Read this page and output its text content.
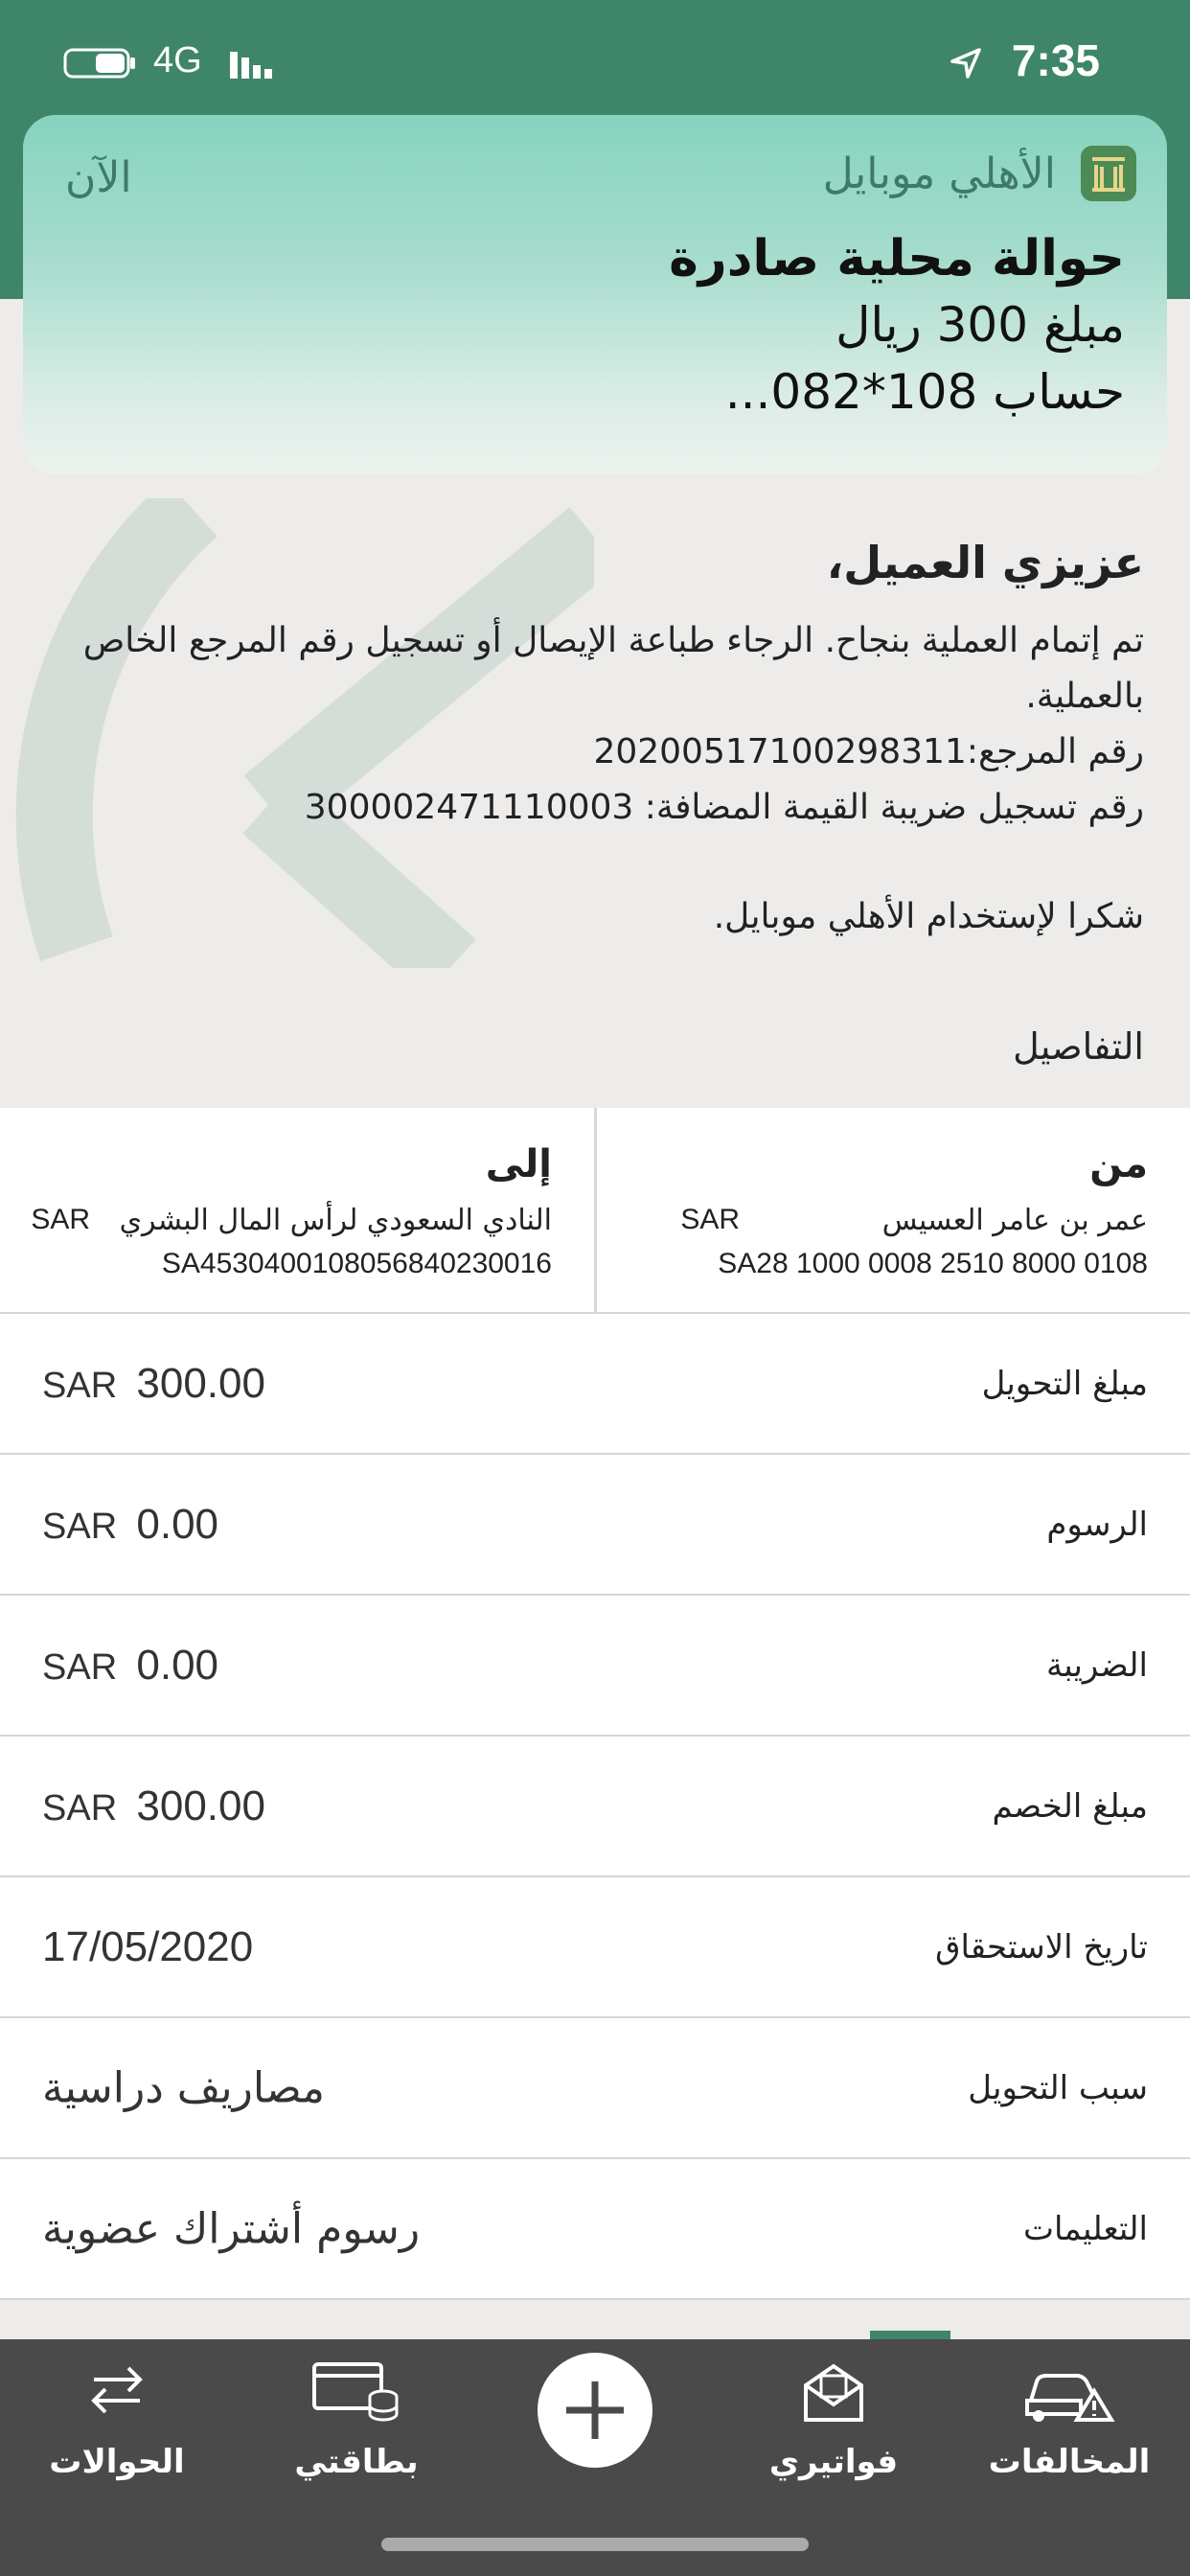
4G	7:35
الأهلي موبايل
الآن
حوالة محلية صادرة
مبلغ 300 ريال
حساب 108*082...
عزيزي العميل،
تم إتمام العملية بنجاح. الرجاء طباعة الإيصال أو تسجيل رقم المرجع الخاص
بالعملية.
رقم المرجع:20200517100298311
رقم تسجيل ضريبة القيمة المضافة: 300002471110003
شكرا لإستخدام الأهلي موبايل.
التفاصيل
من
عمر بن عامر العسيس
SAR
SA28 1000 0008 2510 8000 0108
إلى
النادي السعودي لرأس المال البشري
SAR
SA4530400108056840230016
مبلغ التحويل
SAR 300.00
الرسوم
SAR 0.00
الضريبة
SAR 0.00
مبلغ الخصم
SAR 300.00
تاريخ الاستحقاق
17/05/2020
سبب التحويل
مصاريف دراسية
التعليمات
رسوم أشتراك عضوية
الحوالات	بطاقتي	فواتيري	المخالفات
